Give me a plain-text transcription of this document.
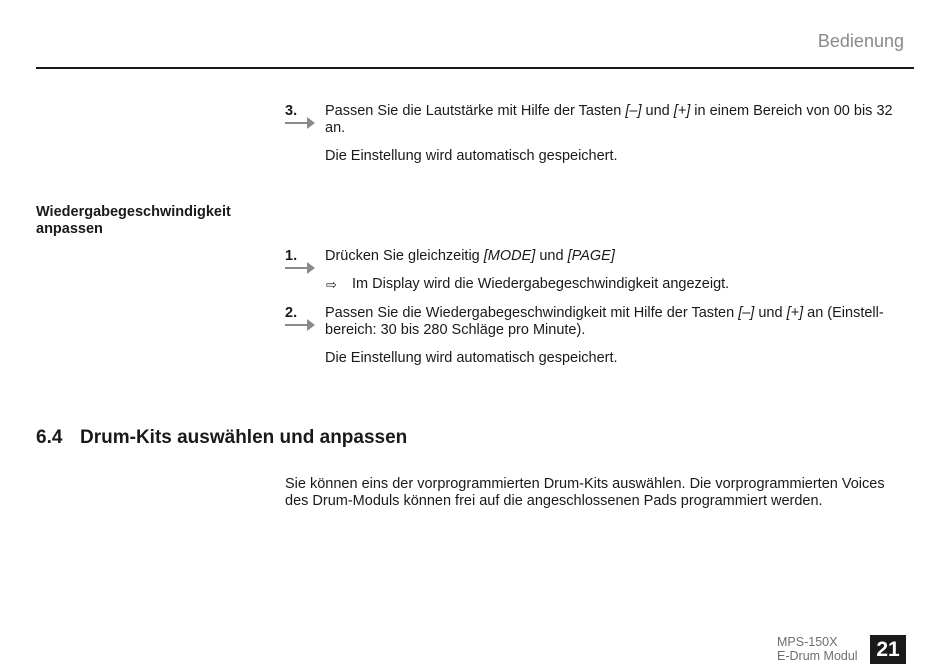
Bedienung
3.	Passen Sie die Lautstärke mit Hilfe der Tasten [–] und [+] in einem Bereich von 00 bis 32
an.
Die Einstellung wird automatisch gespeichert.
Wiedergabegeschwindigkeit
anpassen
1.	Drücken Sie gleichzeitig [MODE] und [PAGE]
⇨ Im Display wird die Wiedergabegeschwindigkeit angezeigt.
2.	Passen Sie die Wiedergabegeschwindigkeit mit Hilfe der Tasten [–] und [+] an (Einstell-
bereich: 30 bis 280 Schläge pro Minute).
Die Einstellung wird automatisch gespeichert.
6.4 Drum-Kits auswählen und anpassen
Sie können eins der vorprogrammierten Drum-Kits auswählen. Die vorprogrammierten Voices
des Drum-Moduls können frei auf die angeschlossenen Pads programmiert werden.
MPS-150X
E-Drum Modul 21
